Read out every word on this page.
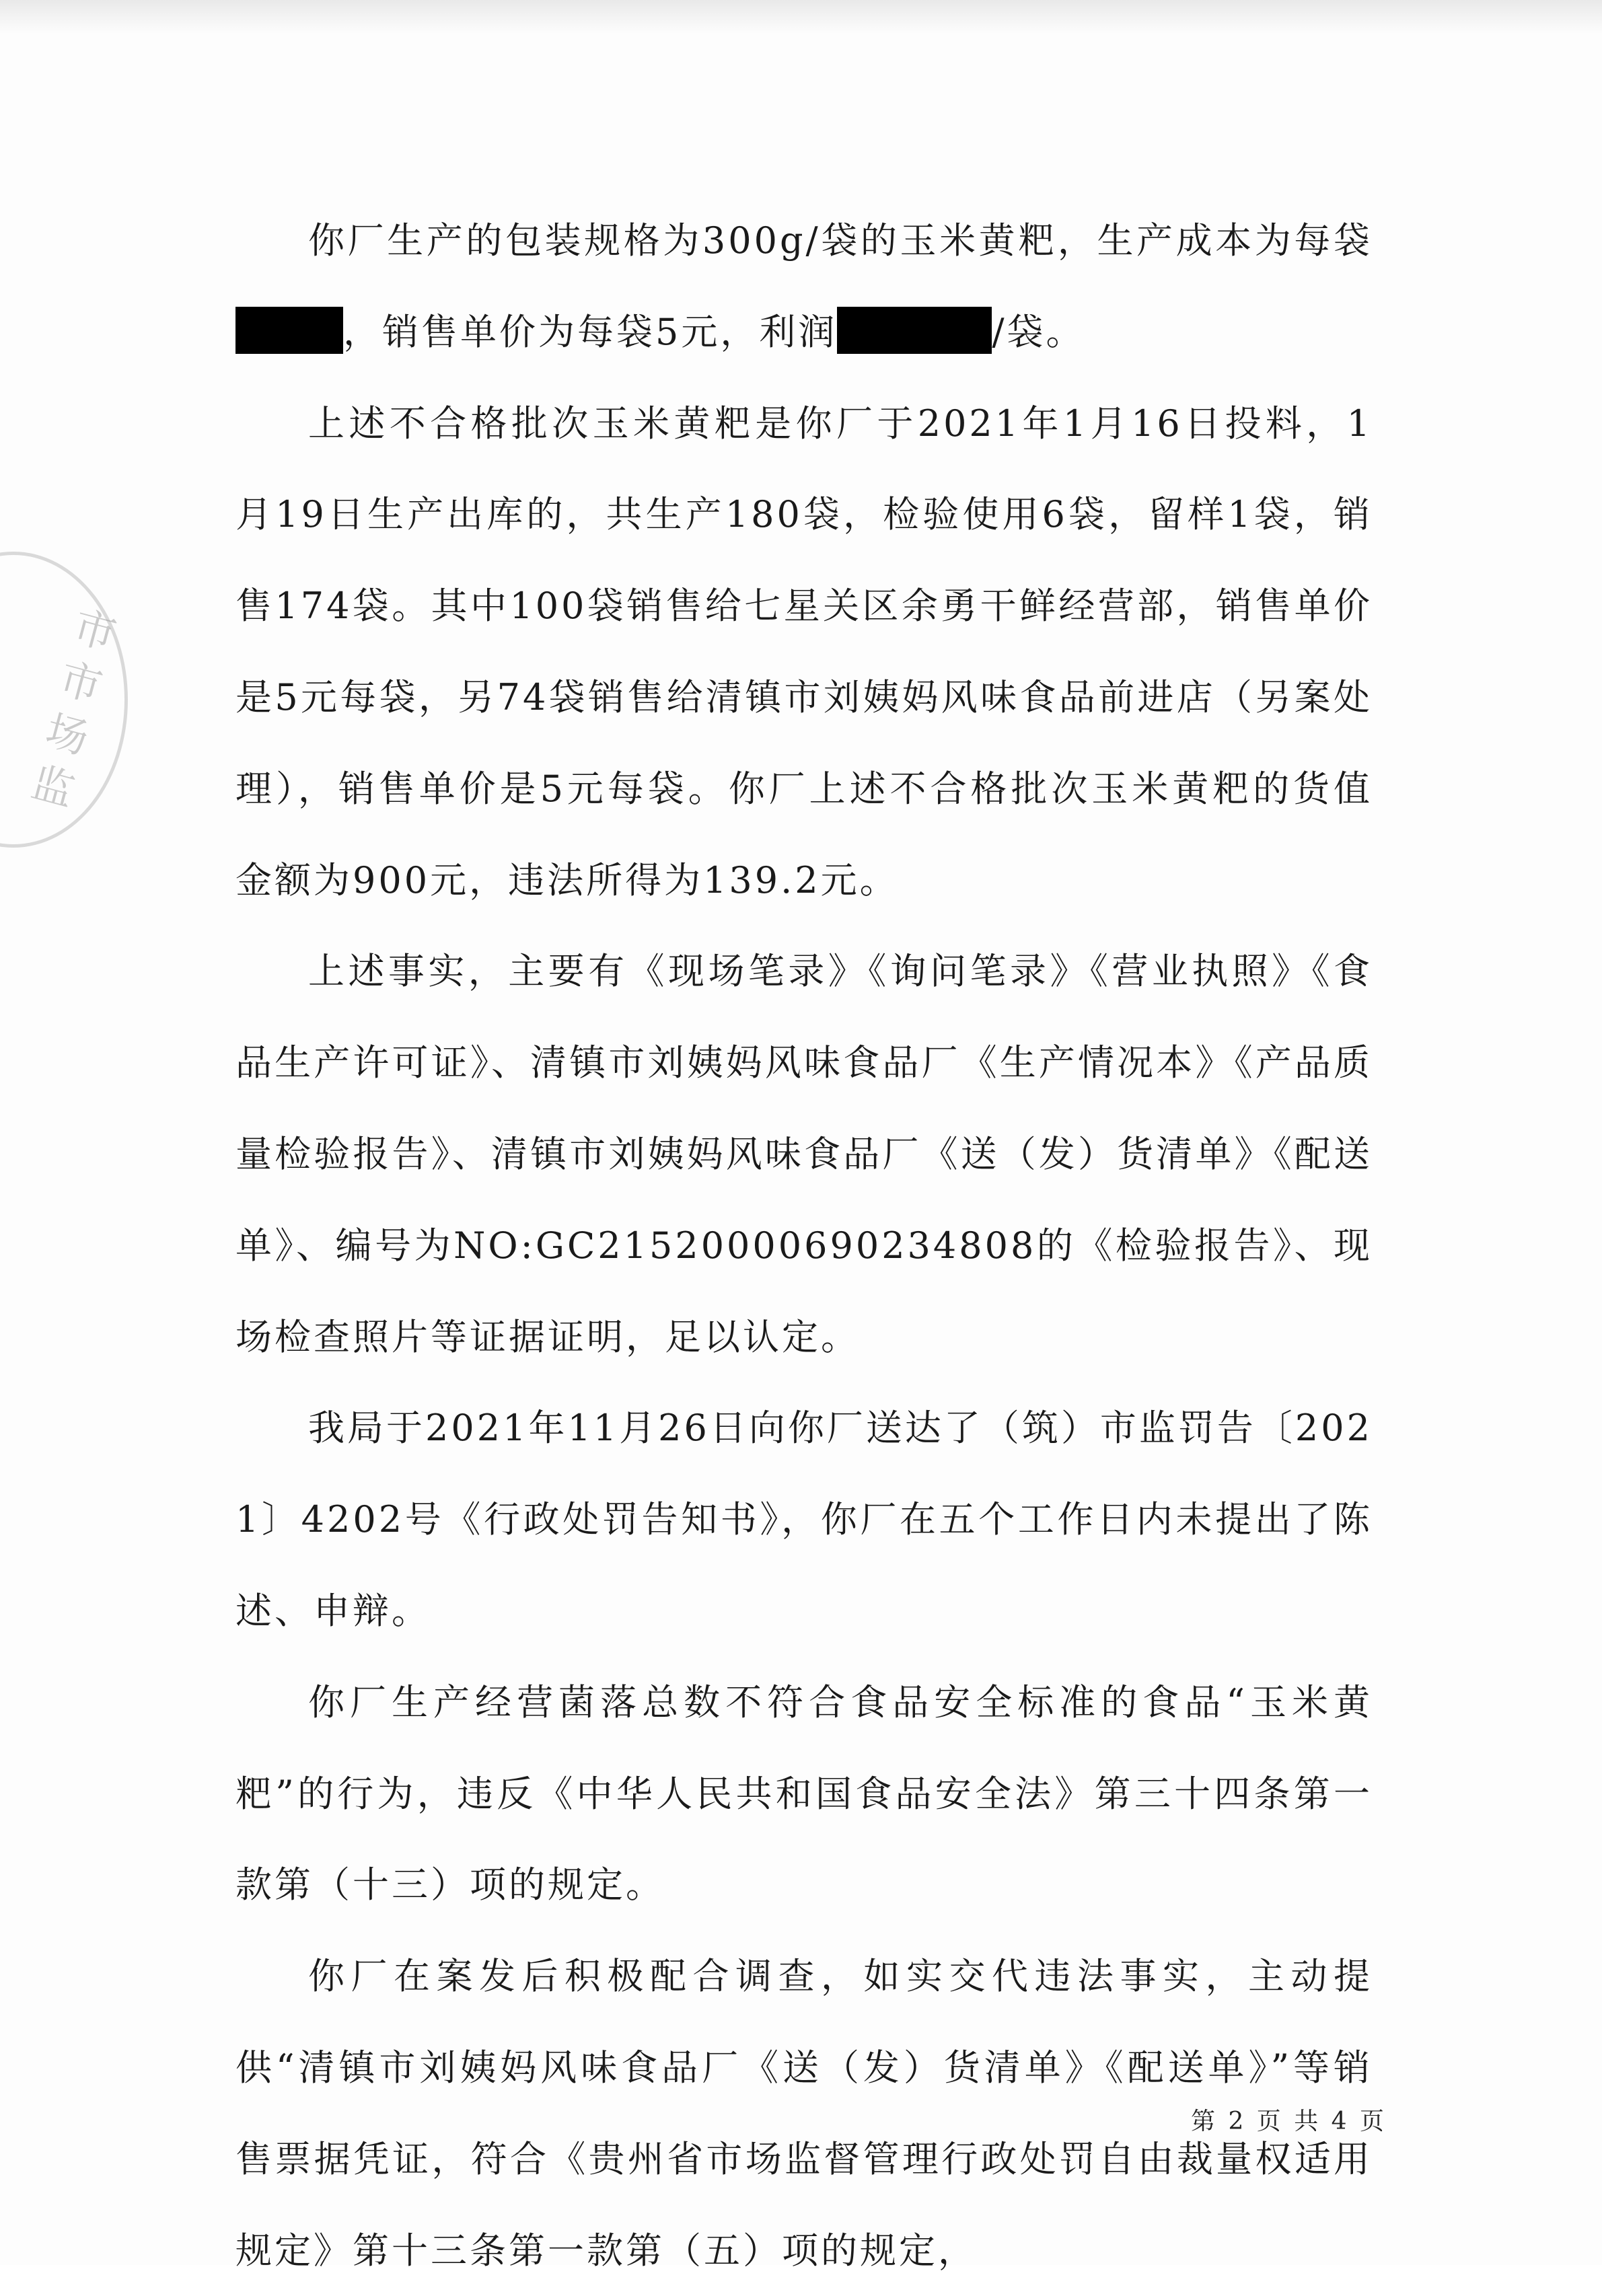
市市场监

你厂生产的包装规格为300g/袋的玉米黄粑，生产成本为每袋，销售单价为每袋5元，利润	/袋。

上述不合格批次玉米黄粑是你厂于2021年1月16日投料，1月19日生产出库的，共生产180袋，检验使用6袋，留样1袋，销售174袋。其中100袋销售给七星关区余勇干鲜经营部，销售单价是5元每袋，另74袋销售给清镇市刘姨妈风味食品前进店（另案处理），销售单价是5元每袋。你厂上述不合格批次玉米黄粑的货值金额为900元，违法所得为139.2元。

上述事实，主要有《现场笔录》《询问笔录》《营业执照》《食品生产许可证》、清镇市刘姨妈风味食品厂《生产情况本》《产品质量检验报告》、清镇市刘姨妈风味食品厂《送（发）货清单》《配送单》、编号为NO:GC21520000690234808的《检验报告》、现场检查照片等证据证明，足以认定。

我局于2021年11月26日向你厂送达了（筑）市监罚告〔2021〕4202号《行政处罚告知书》，你厂在五个工作日内未提出了陈述、申辩。

你厂生产经营菌落总数不符合食品安全标准的食品“玉米黄粑”的行为，违反《中华人民共和国食品安全法》第三十四条第一款第（十三）项的规定。

你厂在案发后积极配合调查，如实交代违法事实，主动提供“清镇市刘姨妈风味食品厂《送（发）货清单》《配送单》”等销售票据凭证，符合《贵州省市场监督管理行政处罚自由裁量权适用规定》第十三条第一款第（五）项的规定，

第 2 页 共 4 页
